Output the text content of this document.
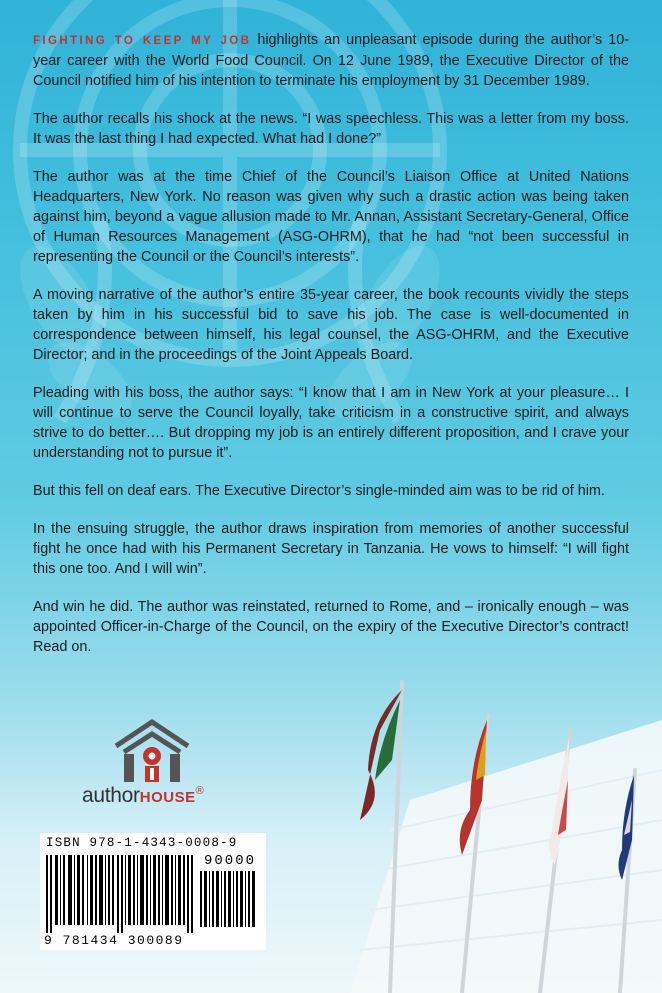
FIGHTING TO KEEP MY JOB highlights an unpleasant episode during the author’s 10-year career with the World Food Council. On 12 June 1989, the Executive Director of the Council notified him of his intention to terminate his employment by 31 December 1989.

The author recalls his shock at the news. “I was speechless. This was a letter from my boss. It was the last thing I had expected. What had I done?”

The author was at the time Chief of the Council’s Liaison Office at United Nations Headquarters, New York. No reason was given why such a drastic action was being taken against him, beyond a vague allusion made to Mr. Annan, Assistant Secretary-General, Office of Human Resources Management (ASG-OHRM), that he had “not been successful in representing the Council or the Council’s interests”.

A moving narrative of the author’s entire 35-year career, the book recounts vividly the steps taken by him in his successful bid to save his job. The case is well-documented in correspondence between himself, his legal counsel, the ASG-OHRM, and the Executive Director; and in the proceedings of the Joint Appeals Board.

Pleading with his boss, the author says: “I know that I am in New York at your pleasure… I will continue to serve the Council loyally, take criticism in a constructive spirit, and always strive to do better…. But dropping my job is an entirely different proposition, and I crave your understanding not to pursue it”.

But this fell on deaf ears. The Executive Director’s single-minded aim was to be rid of him.

In the ensuing struggle, the author draws inspiration from memories of another successful fight he once had with his Permanent Secretary in Tanzania. He vows to himself: “I will fight this one too. And I will win”.

And win he did. The author was reinstated, returned to Rome, and – ironically enough – was appointed Officer-in-Charge of the Council, on the expiry of the Executive Director’s contract! Read on.

authorHOUSE®
ISBN 978-1-4343-0008-9
90000
9 781434 300089
